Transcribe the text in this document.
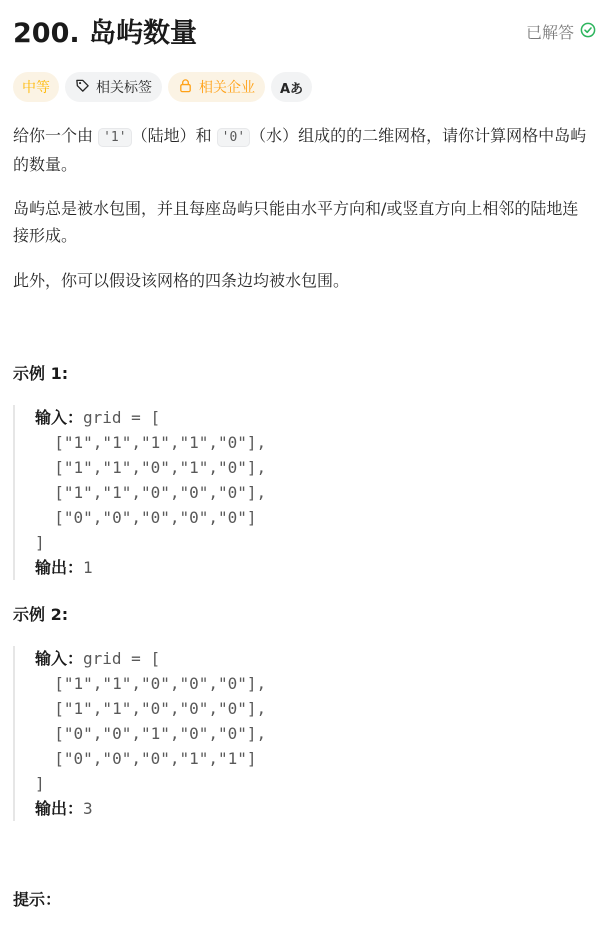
200. 岛屿数量	已解答
中等	相关标签	相关企业 Aあ
给你一个由 '1' （陆地）和 '0' （水）组成的的二维网格，请你计算网格中岛屿的数量。
岛屿总是被水包围，并且每座岛屿只能由水平方向和/或竖直方向上相邻的陆地连接形成。
此外，你可以假设该网格的四条边均被水包围。
示例 1:
输入：grid = [
["1","1","1","1","0"],
["1","1","0","1","0"],
["1","1","0","0","0"],
["0","0","0","0","0"]
]
输出：1
示例 2:
输入：grid = [
["1","1","0","0","0"],
["1","1","0","0","0"],
["0","0","1","0","0"],
["0","0","0","1","1"]
]
输出：3
提示：
